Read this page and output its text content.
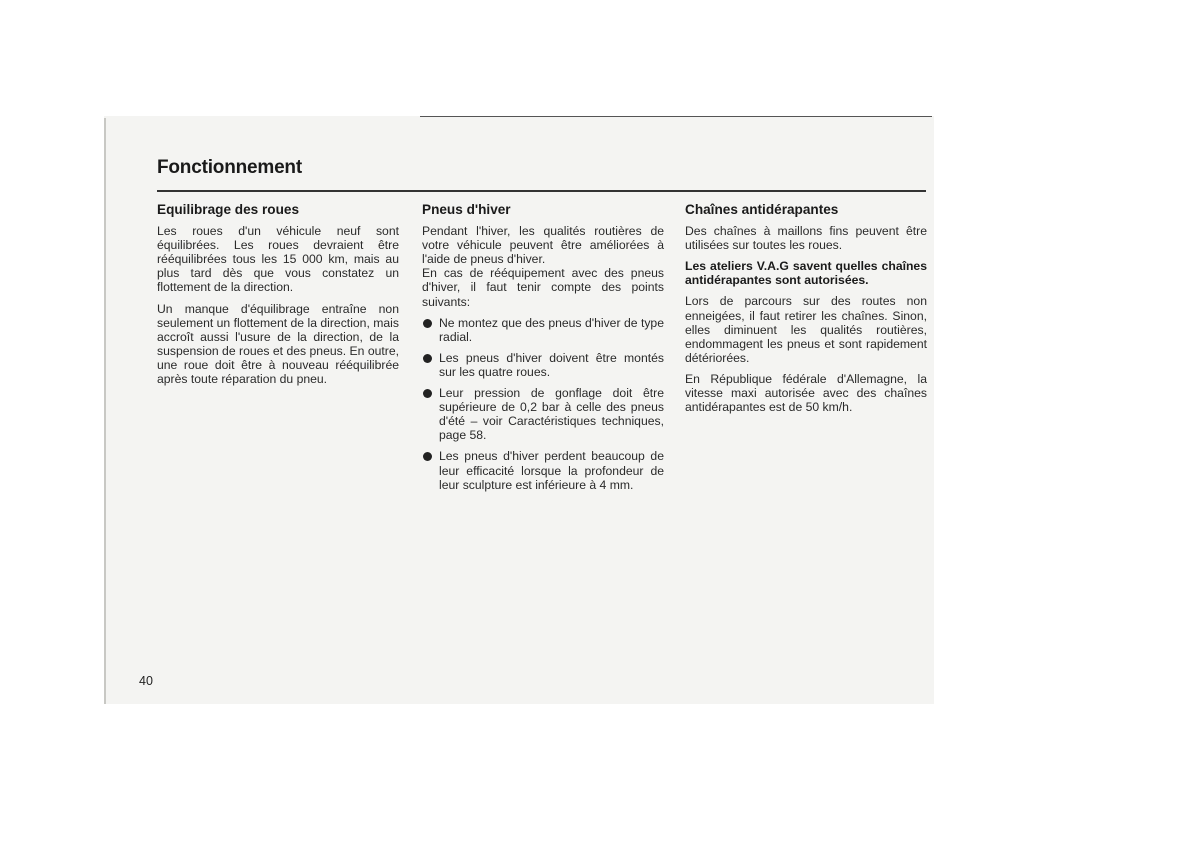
Fonctionnement
Equilibrage des roues

Les roues d'un véhicule neuf sont équilibrées. Les roues devraient être rééquilibrées tous les 15 000 km, mais au plus tard dès que vous constatez un flottement de la direction.

Un manque d'équilibrage entraîne non seulement un flottement de la direction, mais accroît aussi l'usure de la direction, de la suspension de roues et des pneus. En outre, une roue doit être à nouveau rééquilibrée après toute réparation du pneu.

Pneus d'hiver

Pendant l'hiver, les qualités routières de votre véhicule peuvent être améliorées à l'aide de pneus d'hiver.

En cas de rééquipement avec des pneus d'hiver, il faut tenir compte des points suivants:

Ne montez que des pneus d'hiver de type radial.
Les pneus d'hiver doivent être montés sur les quatre roues.
Leur pression de gonflage doit être supérieure de 0,2 bar à celle des pneus d'été – voir Caractéristiques techniques, page 58.
Les pneus d'hiver perdent beaucoup de leur efficacité lorsque la profondeur de leur sculpture est inférieure à 4 mm.
Chaînes antidérapantes

Des chaînes à maillons fins peuvent être utilisées sur toutes les roues.

Les ateliers V.A.G savent quelles chaînes antidérapantes sont autorisées.

Lors de parcours sur des routes non enneigées, il faut retirer les chaînes. Sinon, elles diminuent les qualités routières, endommagent les pneus et sont rapidement détériorées.

En République fédérale d'Allemagne, la vitesse maxi autorisée avec des chaînes antidérapantes est de 50 km/h.

40
